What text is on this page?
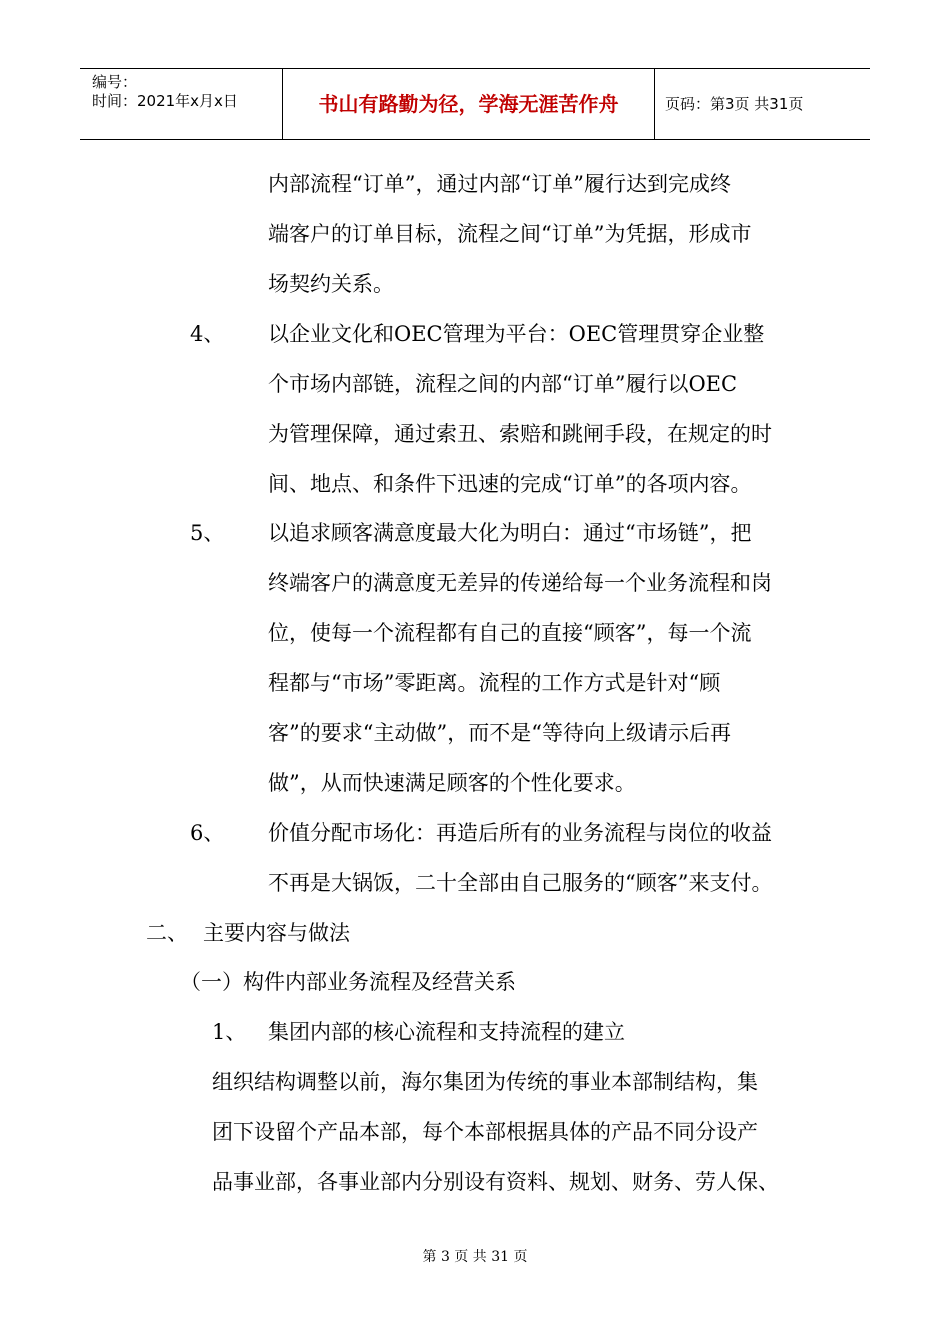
编号：
时间：2021年x月x日	书山有路勤为径，学海无涯苦作舟	页码：第3页 共31页
内部流程“订单”，通过内部“订单”履行达到完成终
端客户的订单目标，流程之间“订单”为凭据，形成市
场契约关系。
4、 以企业文化和OEC管理为平台：OEC管理贯穿企业整
个市场内部链，流程之间的内部“订单”履行以OEC
为管理保障，通过索丑、索赔和跳闸手段，在规定的时
间、地点、和条件下迅速的完成“订单”的各项内容。
5、 以追求顾客满意度最大化为明白：通过“市场链”，把
终端客户的满意度无差异的传递给每一个业务流程和岗
位，使每一个流程都有自己的直接“顾客”，每一个流
程都与“市场”零距离。流程的工作方式是针对“顾
客”的要求“主动做”，而不是“等待向上级请示后再
做”，从而快速满足顾客的个性化要求。
6、 价值分配市场化：再造后所有的业务流程与岗位的收益
不再是大锅饭，二十全部由自己服务的“顾客”来支付。
二、 主要内容与做法
（一）构件内部业务流程及经营关系
1、 集团内部的核心流程和支持流程的建立
组织结构调整以前，海尔集团为传统的事业本部制结构，集
团下设留个产品本部，每个本部根据具体的产品不同分设产
品事业部，各事业部内分别设有资料、规划、财务、劳人保、
第 3 页 共 31 页
